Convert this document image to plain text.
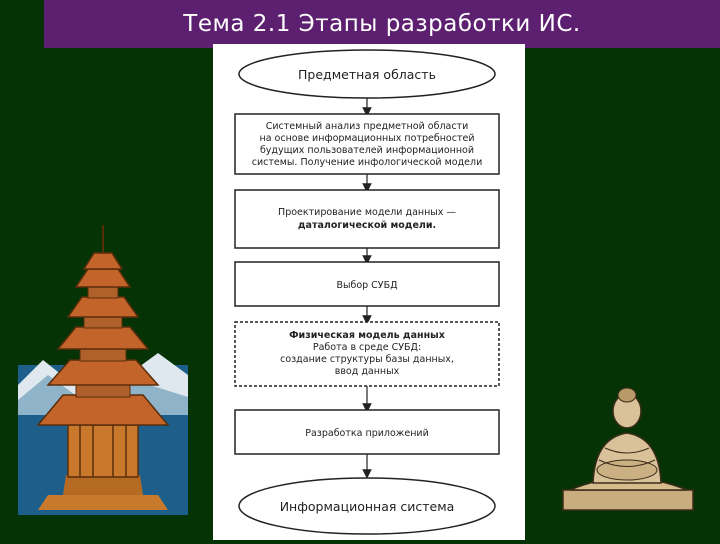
Тема 2.1 Этапы разработки ИС.
Предметная область
Системный анализ предметной области
на основе информационных потребностей
будущих пользователей информационной
системы. Получение инфологической модели
Проектирование модели данных —
даталогической модели.
Выбор СУБД
Физическая модель данных
Работа в среде СУБД:
создание структуры базы данных,
ввод данных
Разработка приложений
Информационная система
